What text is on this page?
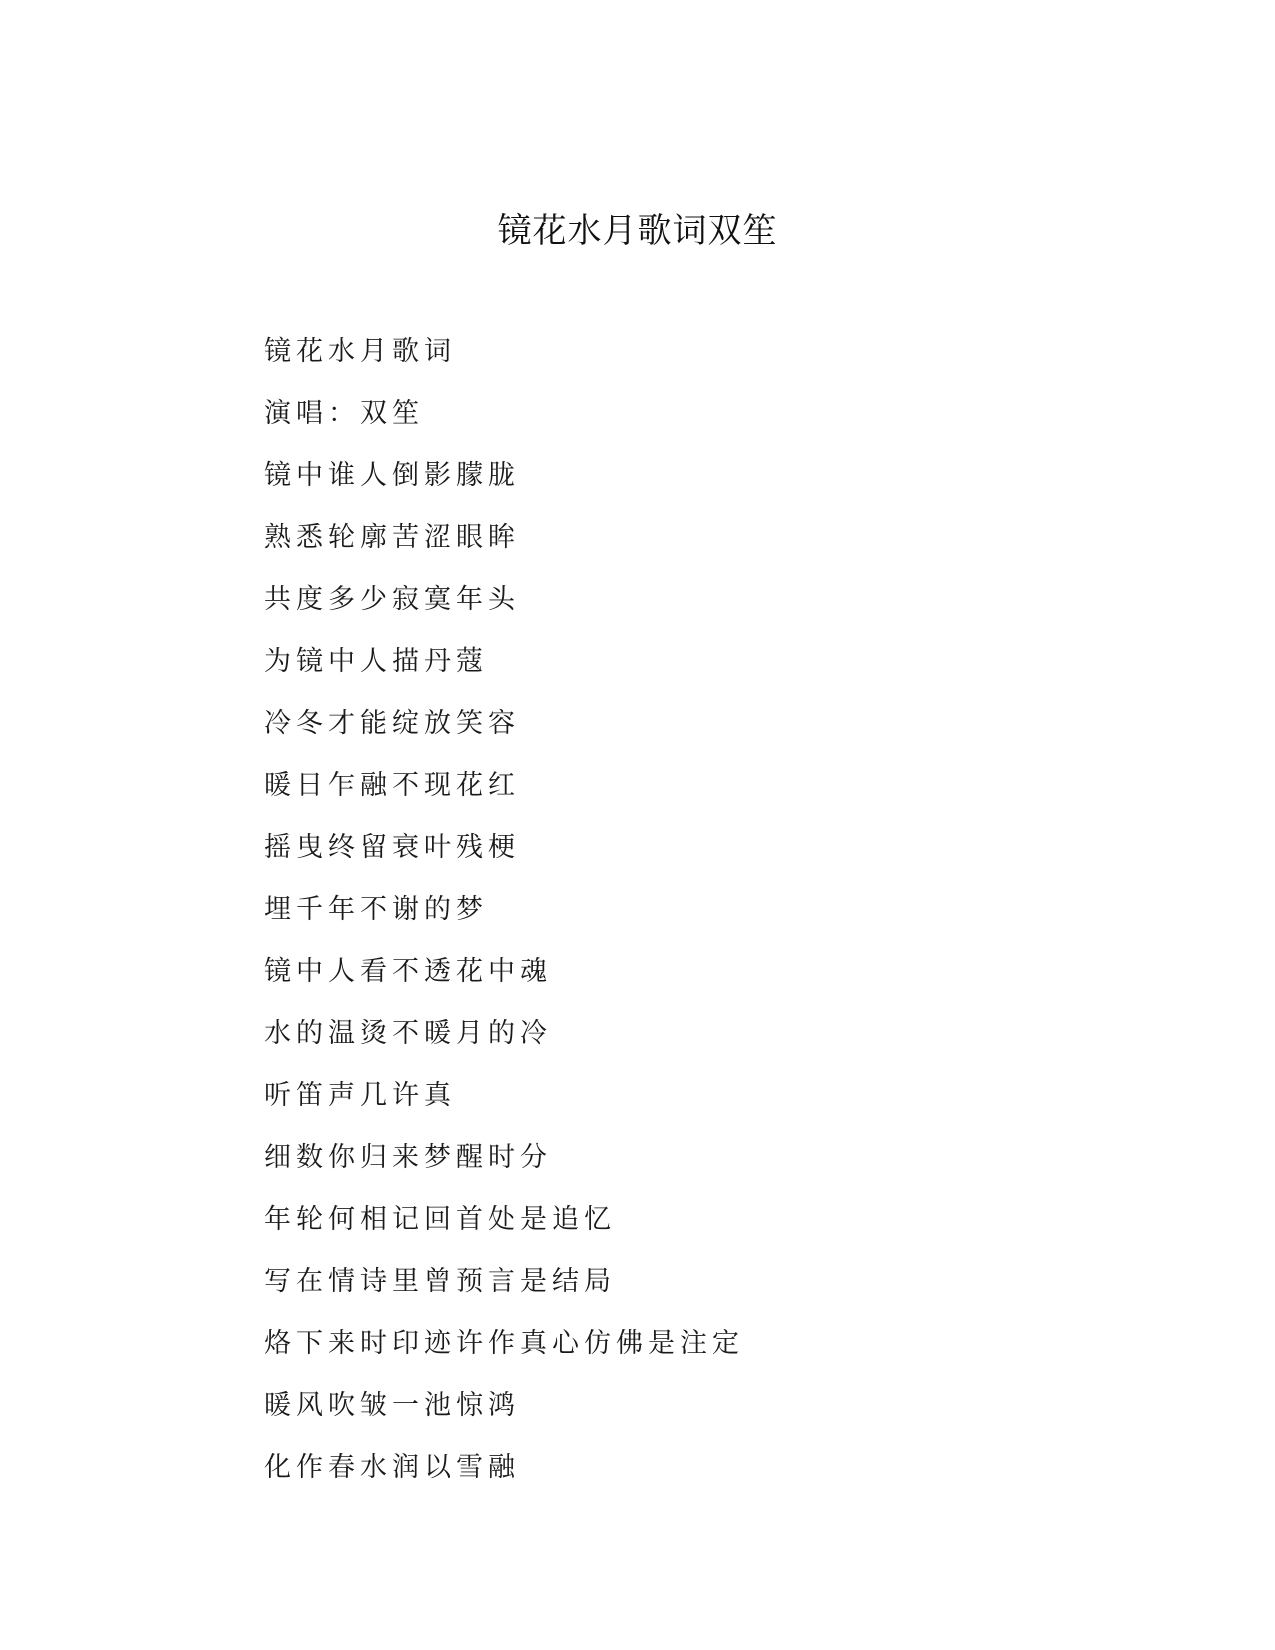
镜花水月歌词双笙
镜花水月歌词
演唱：双笙
镜中谁人倒影朦胧
熟悉轮廓苦涩眼眸
共度多少寂寞年头
为镜中人描丹蔻
冷冬才能绽放笑容
暖日乍融不现花红
摇曳终留衰叶残梗
埋千年不谢的梦
镜中人看不透花中魂
水的温烫不暖月的冷
听笛声几许真
细数你归来梦醒时分
年轮何相记回首处是追忆
写在情诗里曾预言是结局
烙下来时印迹许作真心仿佛是注定
暖风吹皱一池惊鸿
化作春水润以雪融
